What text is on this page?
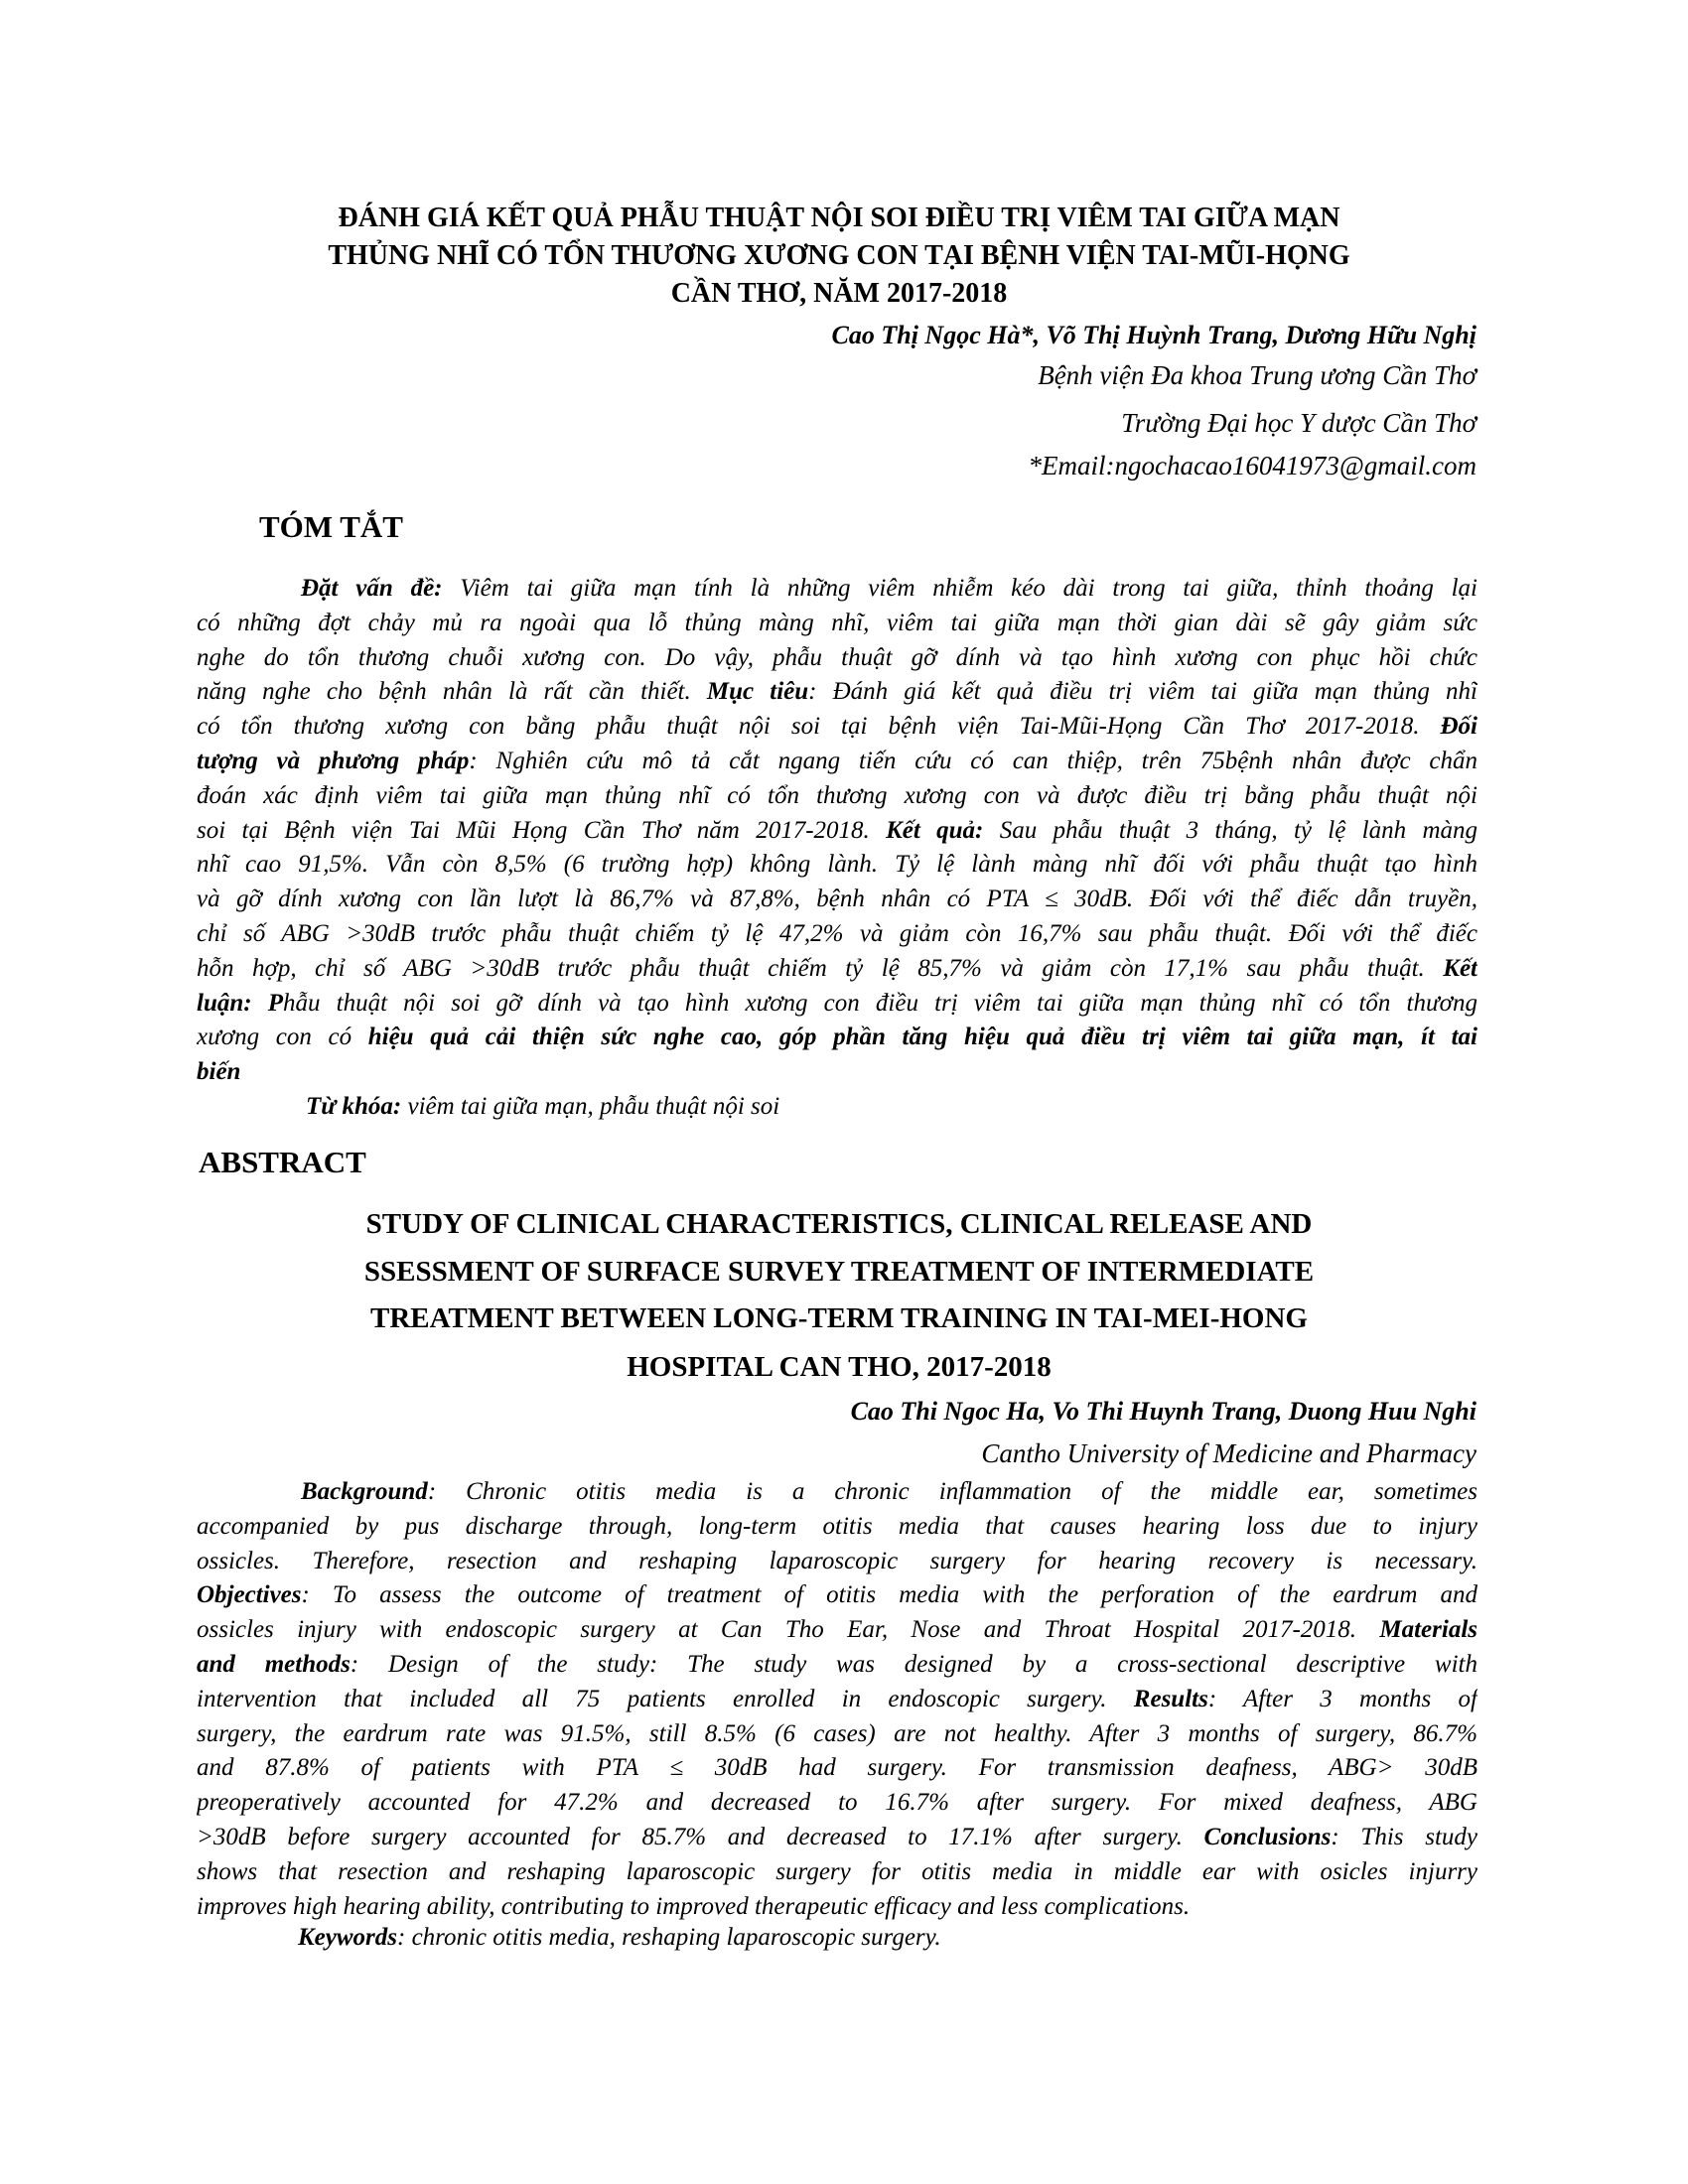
ĐÁNH GIÁ KẾT QUẢ PHẪU THUẬT NỘI SOI ĐIỀU TRỊ VIÊM TAI GIỮA MẠN
THỦNG NHĨ CÓ TỔN THƯƠNG XƯƠNG CON TẠI BỆNH VIỆN TAI-MŨI-HỌNG
CẦN THƠ, NĂM 2017-2018
Cao Thị Ngọc Hà*, Võ Thị Huỳnh Trang, Dương Hữu Nghị
Bệnh viện Đa khoa Trung ương Cần Thơ
Trường Đại học Y dược Cần Thơ
*Email:ngochacao16041973@gmail.com
TÓM TẮT
Đặt vấn đề: Viêm tai giữa mạn tính là những viêm nhiễm kéo dài trong tai giữa, thỉnh thoảng lại
có những đợt chảy mủ ra ngoài qua lỗ thủng màng nhĩ, viêm tai giữa mạn thời gian dài sẽ gây giảm sức
nghe do tổn thương chuỗi xương con. Do vậy, phẫu thuật gỡ dính và tạo hình xương con phục hồi chức
năng nghe cho bệnh nhân là rất cần thiết. Mục tiêu: Đánh giá kết quả điều trị viêm tai giữa mạn thủng nhĩ
có tổn thương xương con bằng phẫu thuật nội soi tại bệnh viện Tai-Mũi-Họng Cần Thơ 2017-2018. Đối
tượng và phương pháp: Nghiên cứu mô tả cắt ngang tiến cứu có can thiệp, trên 75bệnh nhân được chẩn
đoán xác định viêm tai giữa mạn thủng nhĩ có tổn thương xương con và được điều trị bằng phẫu thuật nội
soi tại Bệnh viện Tai Mũi Họng Cần Thơ năm 2017-2018. Kết quả: Sau phẫu thuật 3 tháng, tỷ lệ lành màng
nhĩ cao 91,5%. Vẫn còn 8,5% (6 trường hợp) không lành. Tỷ lệ lành màng nhĩ đối với phẫu thuật tạo hình
và gỡ dính xương con lần lượt là 86,7% và 87,8%, bệnh nhân có PTA ≤ 30dB. Đối với thể điếc dẫn truyền,
chỉ số ABG >30dB trước phẫu thuật chiếm tỷ lệ 47,2% và giảm còn 16,7% sau phẫu thuật. Đối với thể điếc
hỗn hợp, chỉ số ABG >30dB trước phẫu thuật chiếm tỷ lệ 85,7% và giảm còn 17,1% sau phẫu thuật. Kết
luận: Phẫu thuật nội soi gỡ dính và tạo hình xương con điều trị viêm tai giữa mạn thủng nhĩ có tổn thương
xương con có hiệu quả cải thiện sức nghe cao, góp phần tăng hiệu quả điều trị viêm tai giữa mạn, ít tai
biến
Từ khóa: viêm tai giữa mạn, phẫu thuật nội soi
ABSTRACT
STUDY OF CLINICAL CHARACTERISTICS, CLINICAL RELEASE AND
SSESSMENT OF SURFACE SURVEY TREATMENT OF INTERMEDIATE
TREATMENT BETWEEN LONG-TERM TRAINING IN TAI-MEI-HONG
HOSPITAL CAN THO, 2017-2018
Cao Thi Ngoc Ha, Vo Thi Huynh Trang, Duong Huu Nghi
Cantho University of Medicine and Pharmacy
Background: Chronic otitis media is a chronic inflammation of the middle ear, sometimes
accompanied by pus discharge through, long-term otitis media that causes hearing loss due to injury
ossicles. Therefore, resection and reshaping laparoscopic surgery for hearing recovery is necessary.
Objectives: To assess the outcome of treatment of otitis media with the perforation of the eardrum and
ossicles injury with endoscopic surgery at Can Tho Ear, Nose and Throat Hospital 2017-2018. Materials
and methods: Design of the study: The study was designed by a cross-sectional descriptive with
intervention that included all 75 patients enrolled in endoscopic surgery. Results: After 3 months of
surgery, the eardrum rate was 91.5%, still 8.5% (6 cases) are not healthy. After 3 months of surgery, 86.7%
and 87.8% of patients with PTA ≤ 30dB had surgery. For transmission deafness, ABG> 30dB
preoperatively accounted for 47.2% and decreased to 16.7% after surgery. For mixed deafness, ABG
>30dB before surgery accounted for 85.7% and decreased to 17.1% after surgery. Conclusions: This study
shows that resection and reshaping laparoscopic surgery for otitis media in middle ear with osicles injurry
improves high hearing ability, contributing to improved therapeutic efficacy and less complications.
Keywords: chronic otitis media, reshaping laparoscopic surgery.
